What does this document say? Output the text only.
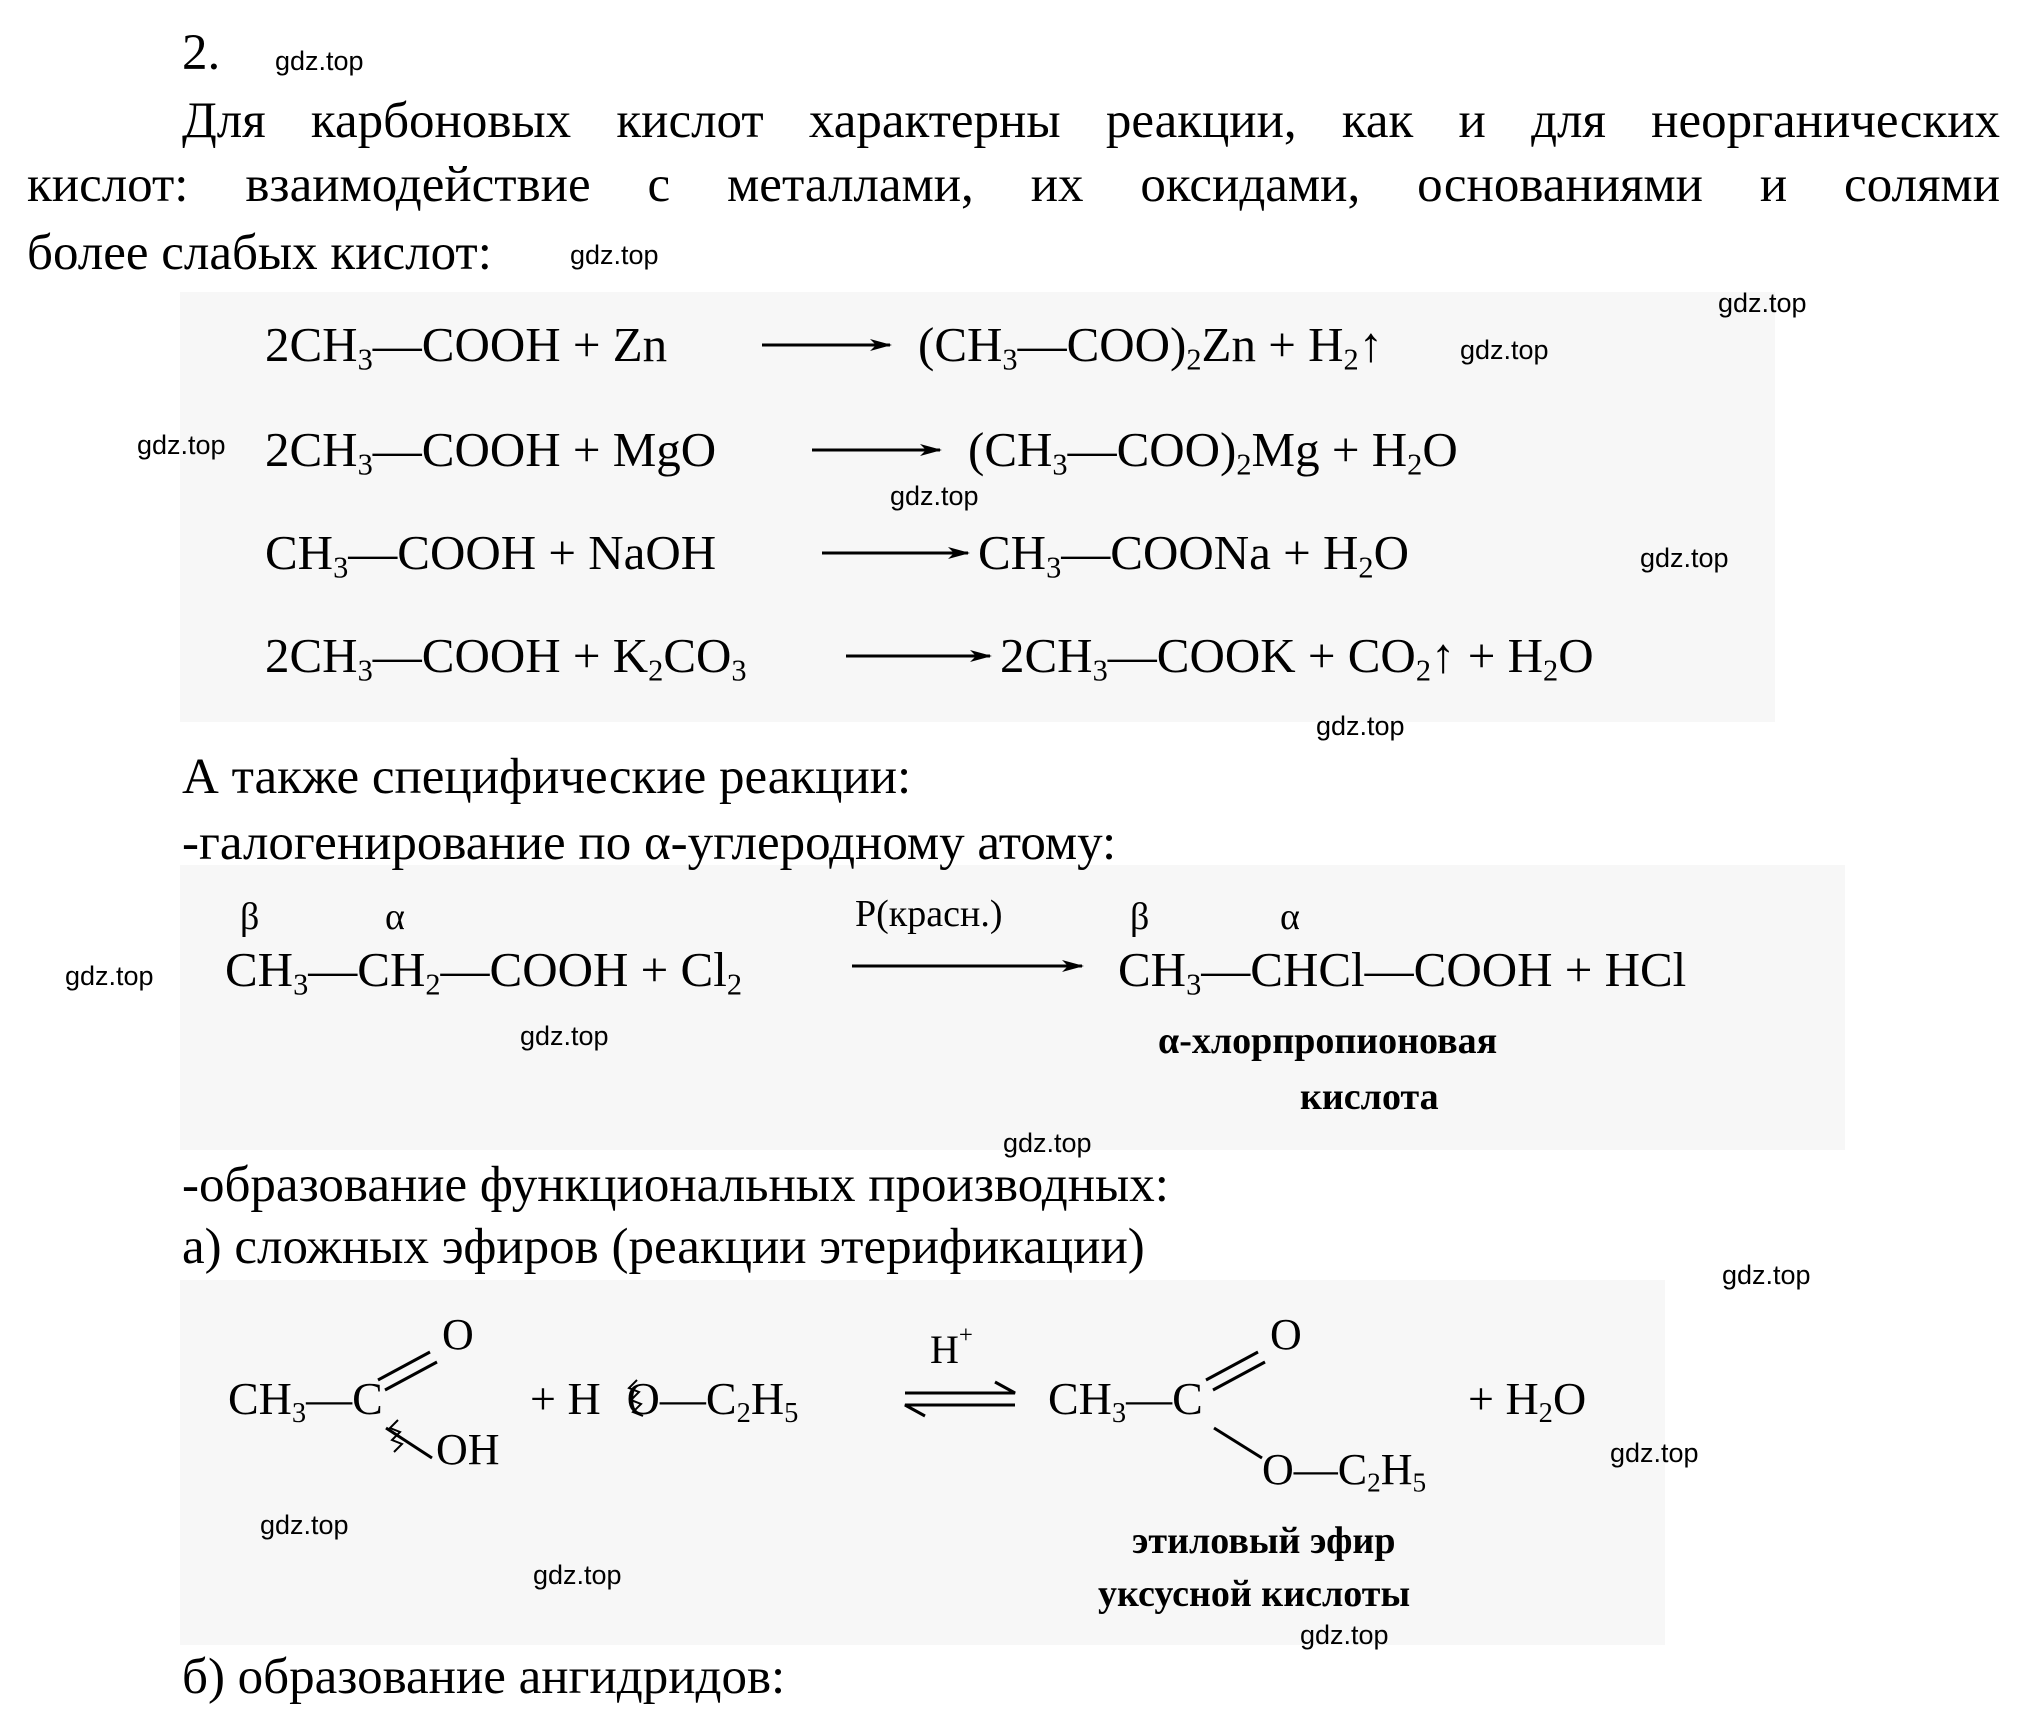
2.
Для карбоновых кислот характерны реакции, как и для неорганических
кислот: взаимодействие с металлами, их оксидами, основаниями и солями
более слабых кислот:
$2CH_3—COOH + Zn$	$(CH_3—COO)_2Zn$ + $H_2↑$
$2CH_3—COOH$ + MgO	$(CH_3—COO)_2Mg + H_2O$
$CH_3—COOH$ + NaOH	$CH_3—COONa + H_2O$
$2CH_3—COOH + K_2CO_3$	$2CH_3—COOK$ + $CO_2↑ + H_2O$
А также специфические реакции:
-галогенирование по α-углеродному атому:
β	α	P(красн.)	β	α
$CH_3—CH_2—COOH + Cl_2$	$CH_3—CHCl—COOH$ + HCl
α-хлорпропионовая
кислота
-образование функциональных производных:
а) сложных эфиров (реакции этерификации)
O
$CH_3—C$
OH
+ H $O—C_2H_5$
H+	O
$CH_3—C$
$O—C_2H_5$
+ $H_2O$
этиловый эфир
уксусной кислоты
б) образование ангидридов:
gdz.top
gdz.top
gdz.top
gdz.top
gdz.top
gdz.top
gdz.top
gdz.top
gdz.top
gdz.top
gdz.top
gdz.top
gdz.top
gdz.top
gdz.top
gdz.top
